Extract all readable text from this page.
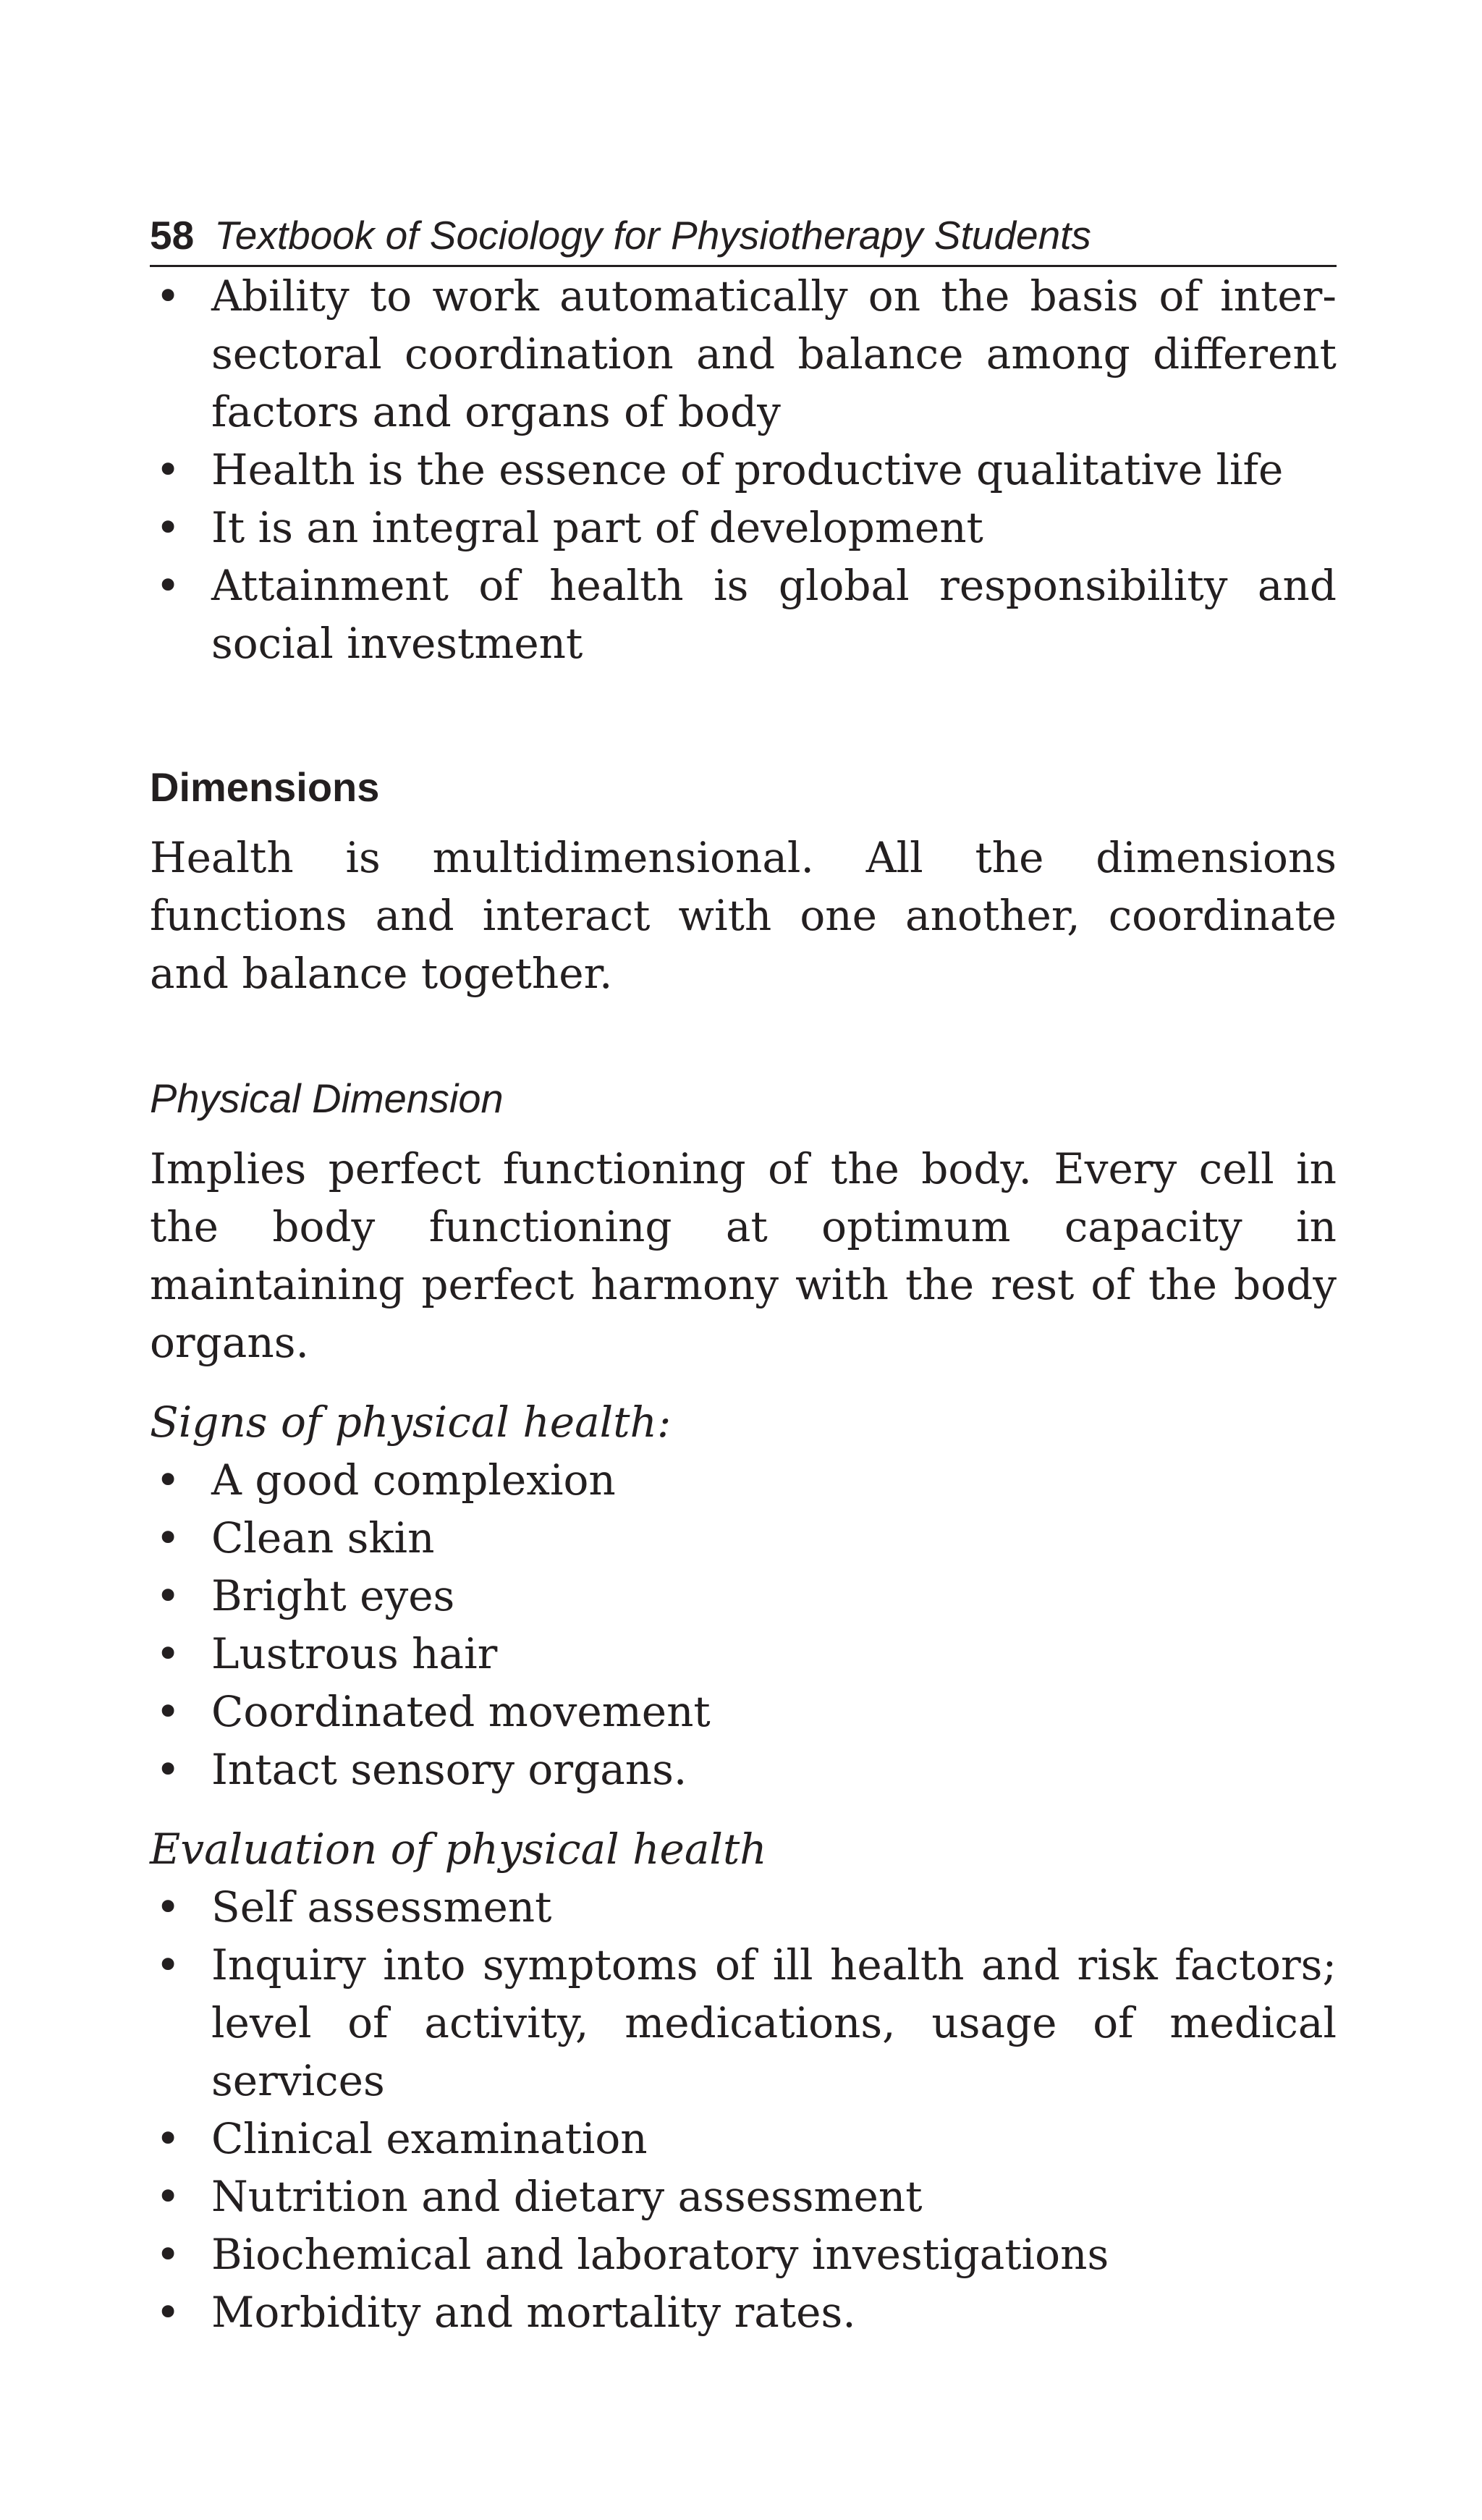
58 Textbook of Sociology for Physiotherapy Students
• Ability to work automatically on the basis of inter-sectoral coordination and balance among different factors and organs of body
• Health is the essence of productive qualitative life
• It is an integral part of development
• Attainment of health is global responsibility and social investment
Dimensions
Health is multidimensional. All the dimensions functions and interact with one another, coordinate and balance together.
Physical Dimension
Implies perfect functioning of the body. Every cell in the body functioning at optimum capacity in maintaining perfect harmony with the rest of the body organs.
Signs of physical health:
• A good complexion
• Clean skin
• Bright eyes
• Lustrous hair
• Coordinated movement
• Intact sensory organs.
Evaluation of physical health
• Self assessment
• Inquiry into symptoms of ill health and risk factors; level of activity, medications, usage of medical services
• Clinical examination
• Nutrition and dietary assessment
• Biochemical and laboratory investigations
• Morbidity and mortality rates.
